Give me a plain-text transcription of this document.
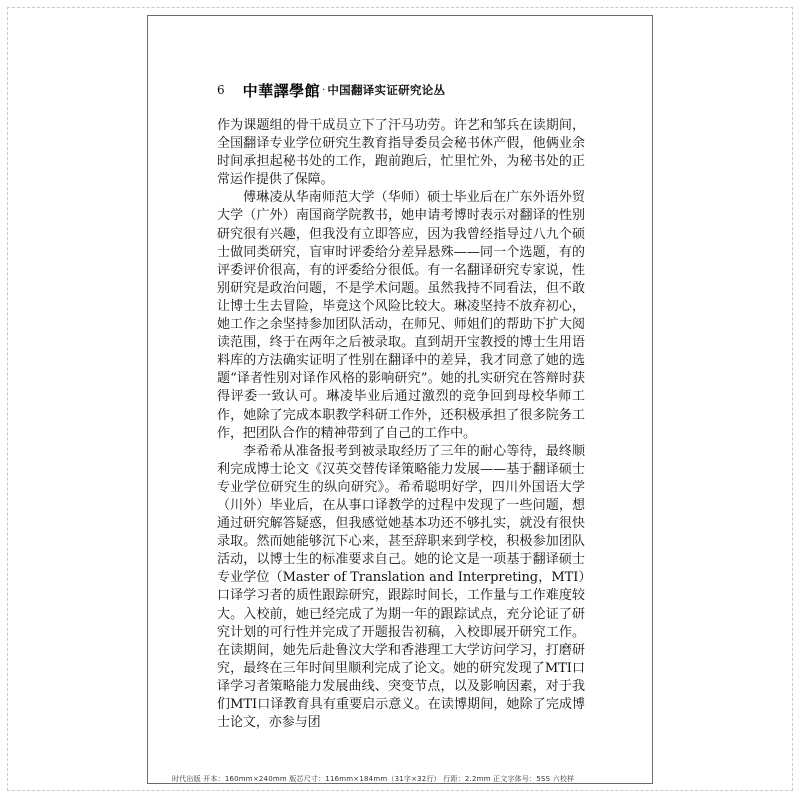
6 中華譯學館 · 中国翻译实证研究论丛

作为课题组的骨干成员立下了汗马功劳。许艺和邹兵在读期间，全国翻译专业学位研究生教育指导委员会秘书休产假，他俩业余时间承担起秘书处的工作，跑前跑后，忙里忙外，为秘书处的正常运作提供了保障。

傅琳凌从华南师范大学（华师）硕士毕业后在广东外语外贸大学（广外）南国商学院教书，她申请考博时表示对翻译的性别研究很有兴趣，但我没有立即答应，因为我曾经指导过八九个硕士做同类研究，盲审时评委给分差异悬殊——同一个选题，有的评委评价很高，有的评委给分很低。有一名翻译研究专家说，性别研究是政治问题，不是学术问题。虽然我持不同看法，但不敢让博士生去冒险，毕竟这个风险比较大。琳凌坚持不放弃初心，她工作之余坚持参加团队活动，在师兄、师姐们的帮助下扩大阅读范围，终于在两年之后被录取。直到胡开宝教授的博士生用语料库的方法确实证明了性别在翻译中的差异，我才同意了她的选题“译者性别对译作风格的影响研究”。她的扎实研究在答辩时获得评委一致认可。琳凌毕业后通过激烈的竞争回到母校华师工作，她除了完成本职教学科研工作外，还积极承担了很多院务工作，把团队合作的精神带到了自己的工作中。

李希希从准备报考到被录取经历了三年的耐心等待，最终顺利完成博士论文《汉英交替传译策略能力发展——基于翻译硕士专业学位研究生的纵向研究》。希希聪明好学，四川外国语大学（川外）毕业后，在从事口译教学的过程中发现了一些问题，想通过研究解答疑惑，但我感觉她基本功还不够扎实，就没有很快录取。然而她能够沉下心来，甚至辞职来到学校，积极参加团队活动，以博士生的标准要求自己。她的论文是一项基于翻译硕士专业学位（Master of Translation and Interpreting，MTI）口译学习者的质性跟踪研究，跟踪时间长，工作量与工作难度较大。入校前，她已经完成了为期一年的跟踪试点，充分论证了研究计划的可行性并完成了开题报告初稿，入校即展开研究工作。在读期间，她先后赴鲁汶大学和香港理工大学访问学习，打磨研究，最终在三年时间里顺利完成了论文。她的研究发现了MTI口译学习者策略能力发展曲线、突变节点，以及影响因素，对于我们MTI口译教育具有重要启示意义。在读博期间，她除了完成博士论文，亦参与团

时代出版 开本：160mm×240mm 版芯尺寸：116mm×184mm（31字×32行） 行距：2.2mm 正文字体号：5SS 六校样
